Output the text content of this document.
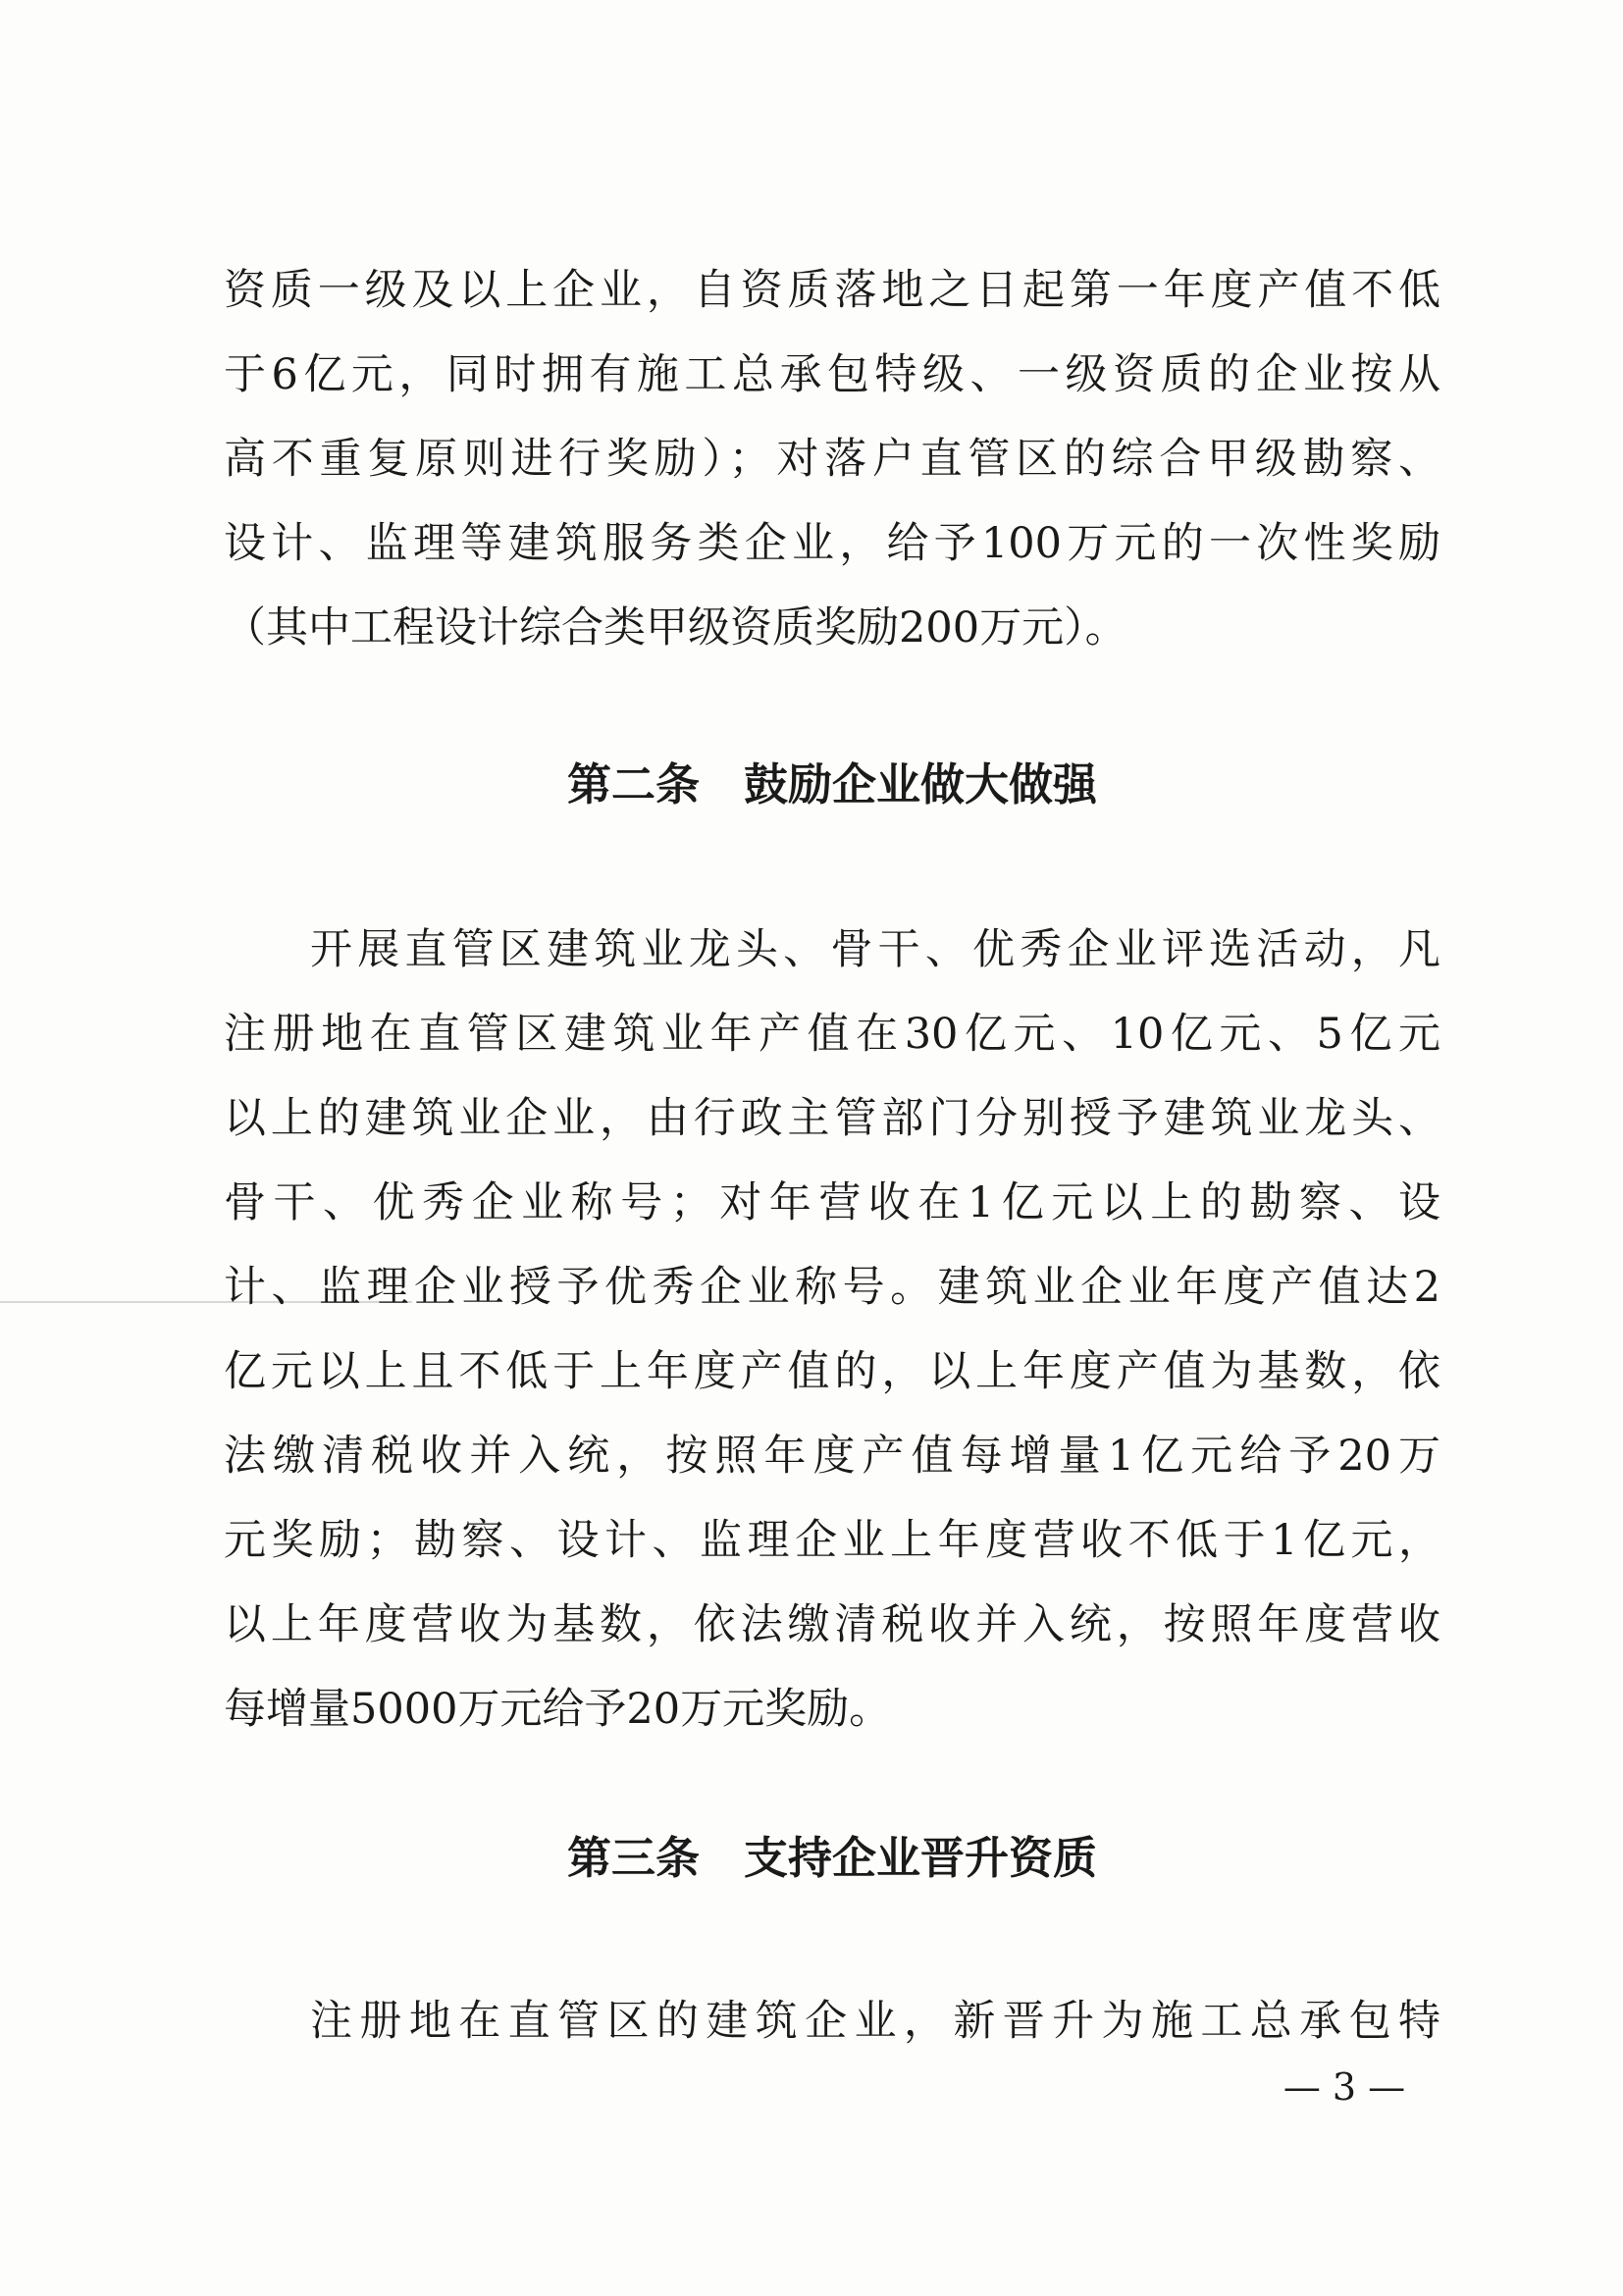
资质一级及以上企业，自资质落地之日起第一年度产值不低
于6亿元，同时拥有施工总承包特级、一级资质的企业按从
高不重复原则进行奖励）；对落户直管区的综合甲级勘察、
设计、监理等建筑服务类企业，给予100万元的一次性奖励
（其中工程设计综合类甲级资质奖励200万元）。
第二条　鼓励企业做大做强
开展直管区建筑业龙头、骨干、优秀企业评选活动，凡
注册地在直管区建筑业年产值在30亿元、10亿元、5亿元
以上的建筑业企业，由行政主管部门分别授予建筑业龙头、
骨干、优秀企业称号；对年营收在1亿元以上的勘察、设
计、监理企业授予优秀企业称号。建筑业企业年度产值达2
亿元以上且不低于上年度产值的，以上年度产值为基数，依
法缴清税收并入统，按照年度产值每增量1亿元给予20万
元奖励；勘察、设计、监理企业上年度营收不低于1亿元，
以上年度营收为基数，依法缴清税收并入统，按照年度营收
每增量5000万元给予20万元奖励。
第三条　支持企业晋升资质
注册地在直管区的建筑企业，新晋升为施工总承包特
— 3 —
